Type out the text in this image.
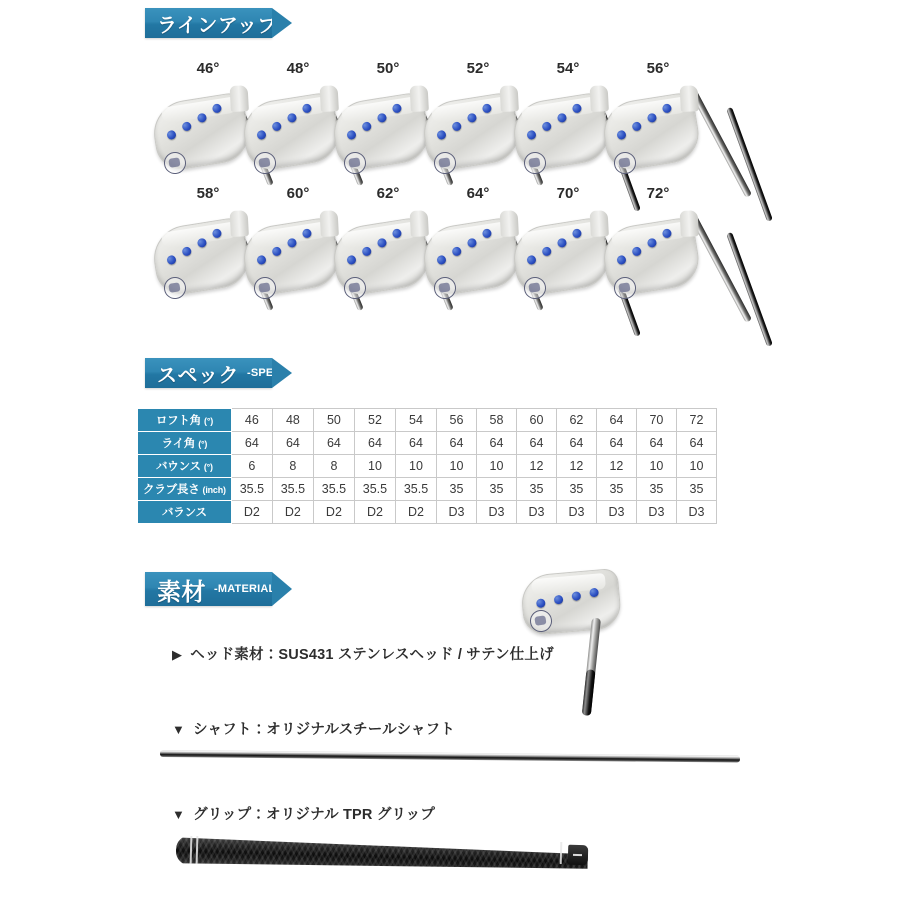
ラインアップ -LINE UP-
46°	48°	50°	52°	54°	56°
58°	60°	62°	64°	70°	72°
スペック -SPEC-
ロフト角 (°)	46	48	50	52	54	56	58	60	62	64	70	72
ライ角 (°)	64	64	64	64	64	64	64	64	64	64	64	64
バウンス (°)	6	8	8	10	10	10	10	12	12	12	10	10
クラブ長さ (inch)	35.5	35.5	35.5	35.5	35.5	35	35	35	35	35	35	35
バランス	D2	D2	D2	D2	D2	D3	D3	D3	D3	D3	D3	D3
素材 -MATERIAL-
▶ ヘッド素材：SUS431 ステンレスヘッド / サテン仕上げ
▼ シャフト：オリジナルスチールシャフト
▼ グリップ：オリジナル TPR グリップ
